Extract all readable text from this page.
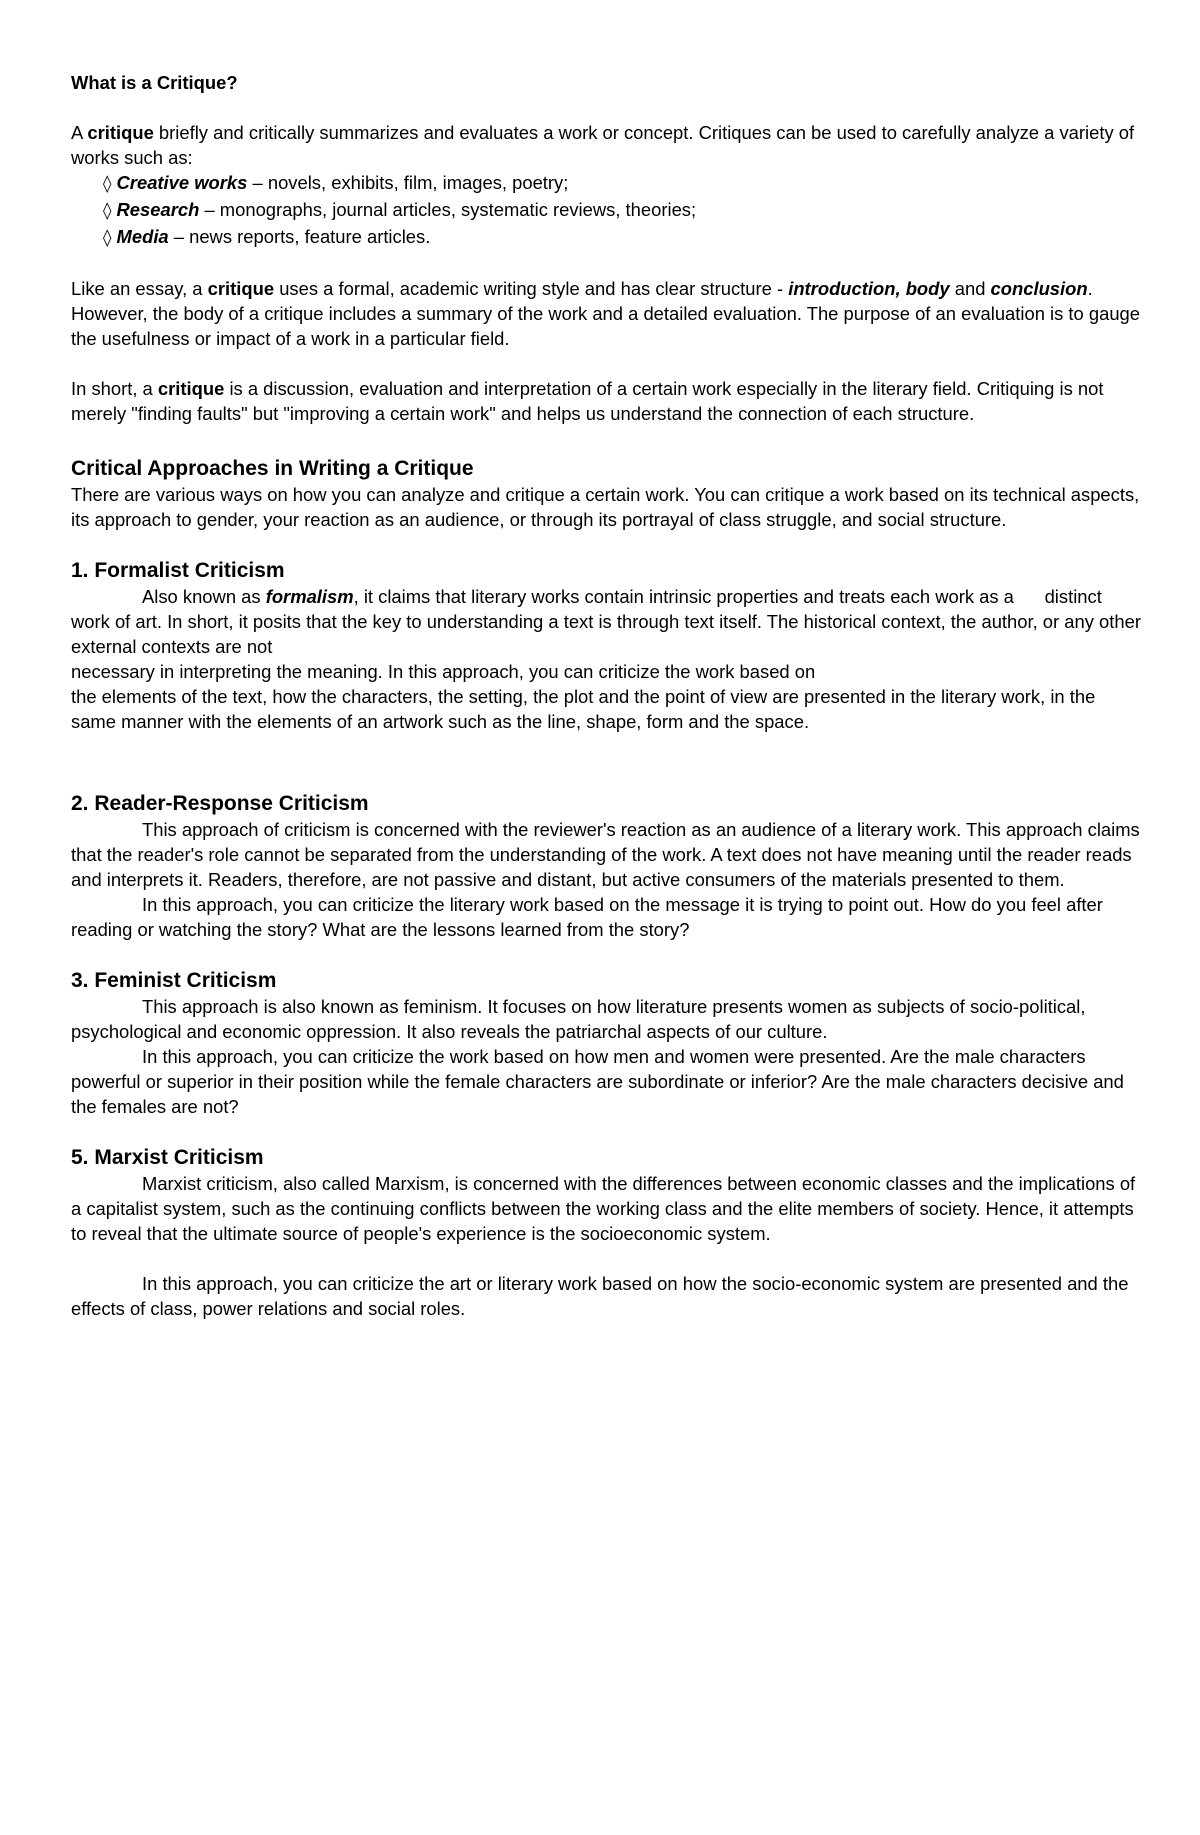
What is a Critique?

A critique briefly and critically summarizes and evaluates a work or concept. Critiques can be used to carefully analyze a variety of works such as:

◊ Creative works – novels, exhibits, film, images, poetry;
◊ Research – monographs, journal articles, systematic reviews, theories;
◊ Media – news reports, feature articles.

Like an essay, a critique uses a formal, academic writing style and has clear structure - introduction, body and conclusion. However, the body of a critique includes a summary of the work and a detailed evaluation. The purpose of an evaluation is to gauge the usefulness or impact of a work in a particular field.

In short, a critique is a discussion, evaluation and interpretation of a certain work especially in the literary field. Critiquing is not merely "finding faults" but "improving a certain work" and helps us understand the connection of each structure.

Critical Approaches in Writing a Critique

There are various ways on how you can analyze and critique a certain work. You can critique a work based on its technical aspects, its approach to gender, your reaction as an audience, or through its portrayal of class struggle, and social structure.

1. Formalist Criticism

Also known as formalism, it claims that literary works contain intrinsic properties and treats each work as a distinct work of art. In short, it posits that the key to understanding a text is through text itself. The historical context, the author, or any other external contexts are not

necessary in interpreting the meaning. In this approach, you can criticize the work based on

the elements of the text, how the characters, the setting, the plot and the point of view are presented in the literary work, in the same manner with the elements of an artwork such as the line, shape, form and the space.

2. Reader-Response Criticism

This approach of criticism is concerned with the reviewer's reaction as an audience of a literary work. This approach claims that the reader's role cannot be separated from the understanding of the work. A text does not have meaning until the reader reads and interprets it. Readers, therefore, are not passive and distant, but active consumers of the materials presented to them.

In this approach, you can criticize the literary work based on the message it is trying to point out. How do you feel after reading or watching the story? What are the lessons learned from the story?

3. Feminist Criticism

This approach is also known as feminism. It focuses on how literature presents women as subjects of socio-political, psychological and economic oppression. It also reveals the patriarchal aspects of our culture.

In this approach, you can criticize the work based on how men and women were presented. Are the male characters powerful or superior in their position while the female characters are subordinate or inferior? Are the male characters decisive and the females are not?

5. Marxist Criticism

Marxist criticism, also called Marxism, is concerned with the differences between economic classes and the implications of a capitalist system, such as the continuing conflicts between the working class and the elite members of society. Hence, it attempts to reveal that the ultimate source of people's experience is the socioeconomic system.

In this approach, you can criticize the art or literary work based on how the socio-economic system are presented and the effects of class, power relations and social roles.
